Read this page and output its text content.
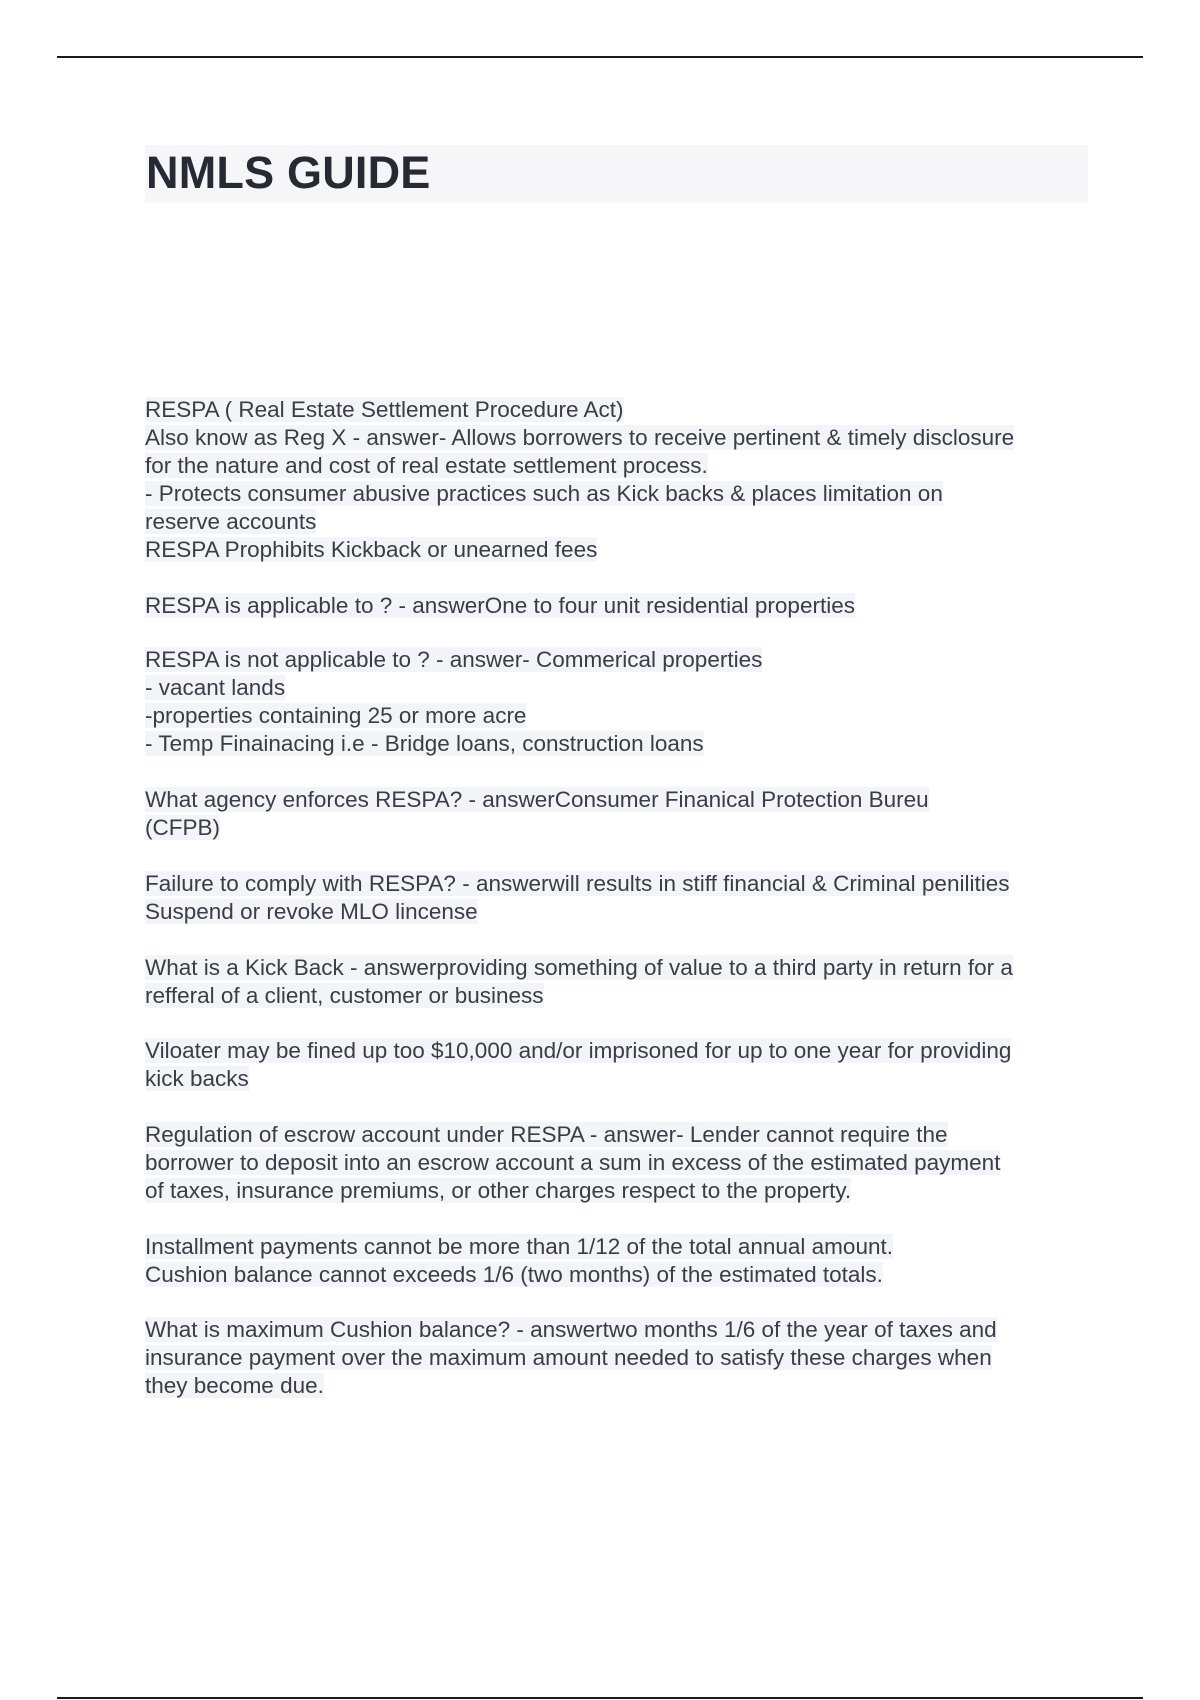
NMLS GUIDE

RESPA ( Real Estate Settlement Procedure Act)
Also know as Reg X - answer- Allows borrowers to receive pertinent & timely disclosure
for the nature and cost of real estate settlement process.
- Protects consumer abusive practices such as Kick backs & places limitation on
reserve accounts
RESPA Prophibits Kickback or unearned fees

RESPA is applicable to ? - answerOne to four unit residential properties

RESPA is not applicable to ? - answer- Commerical properties
- vacant lands
-properties containing 25 or more acre
- Temp Finainacing i.e - Bridge loans, construction loans

What agency enforces RESPA? - answerConsumer Finanical Protection Bureu
(CFPB)

Failure to comply with RESPA? - answerwill results in stiff financial & Criminal penilities
Suspend or revoke MLO lincense

What is a Kick Back - answerproviding something of value to a third party in return for a
refferal of a client, customer or business

Viloater may be fined up too $10,000 and/or imprisoned for up to one year for providing
kick backs

Regulation of escrow account under RESPA - answer- Lender cannot require the
borrower to deposit into an escrow account a sum in excess of the estimated payment
of taxes, insurance premiums, or other charges respect to the property.

Installment payments cannot be more than 1/12 of the total annual amount.
Cushion balance cannot exceeds 1/6 (two months) of the estimated totals.

What is maximum Cushion balance? - answertwo months 1/6 of the year of taxes and
insurance payment over the maximum amount needed to satisfy these charges when
they become due.
